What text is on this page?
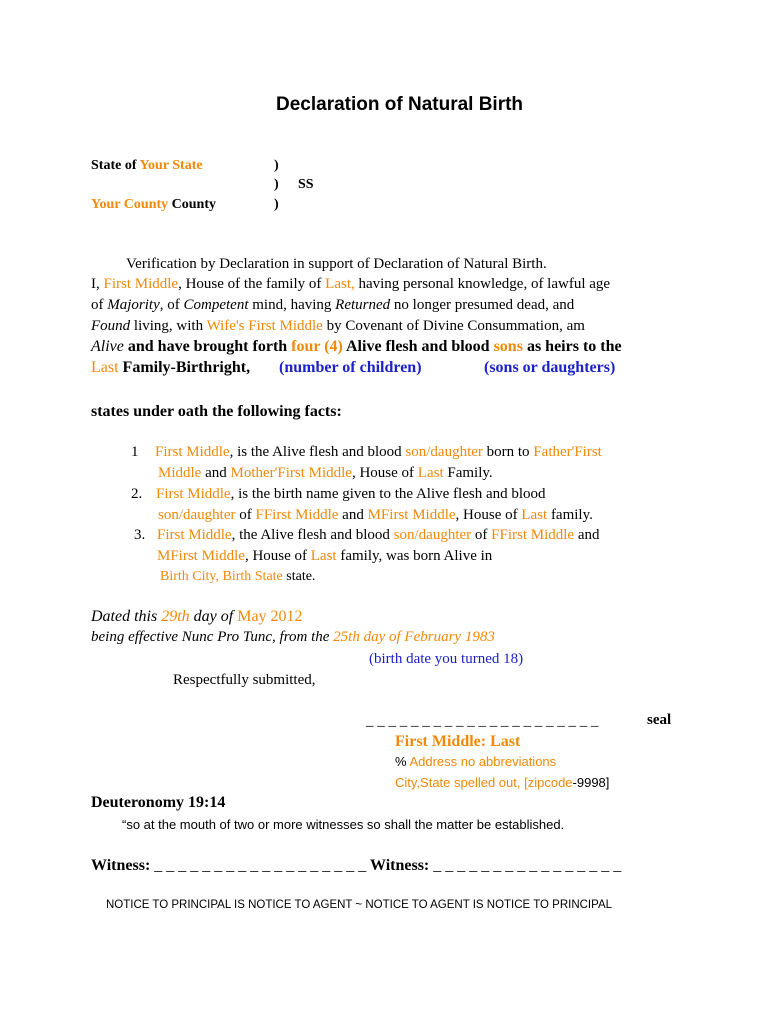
Declaration of Natural Birth
State of Your State	)
) SS
Your County County	)
Verification by Declaration in support of Declaration of Natural Birth.
I, First Middle, House of the family of Last, having personal knowledge, of lawful age
of Majority, of Competent mind, having Returned no longer presumed dead, and
Found living, with Wife's First Middle by Covenant of Divine Consummation, am
Alive and have brought forth four (4) Alive flesh and blood sons as heirs to the
Last Family-Birthright, (number of children)	(sons or daughters)
states under oath the following facts:
1 First Middle, is the Alive flesh and blood son/daughter born to Father'First
Middle and Mother'First Middle, House of Last Family.
2. First Middle, is the birth name given to the Alive flesh and blood
son/daughter of FFirst Middle and MFirst Middle, House of Last family.
3. First Middle, the Alive flesh and blood son/daughter of FFirst Middle and
MFirst Middle, House of Last family, was born Alive in
Birth City, Birth State state.
Dated this 29th day of May 2012
being effective Nunc Pro Tunc, from the 25th day of February 1983
(birth date you turned 18)
Respectfully submitted,
_ _ _ _ _ _ _ _ _ _ _ _ _ _ _ _ _ _ _ _ _	seal
First Middle: Last
% Address no abbreviations
City,State spelled out, [zipcode-9998]
Deuteronomy 19:14
“so at the mouth of two or more witnesses so shall the matter be established.
Witness: _ _ _ _ _ _ _ _ _ _ _ _ _ _ _ _ _ _ Witness: _ _ _ _ _ _ _ _ _ _ _ _ _ _ _ _
NOTICE TO PRINCIPAL IS NOTICE TO AGENT ~ NOTICE TO AGENT IS NOTICE TO PRINCIPAL
